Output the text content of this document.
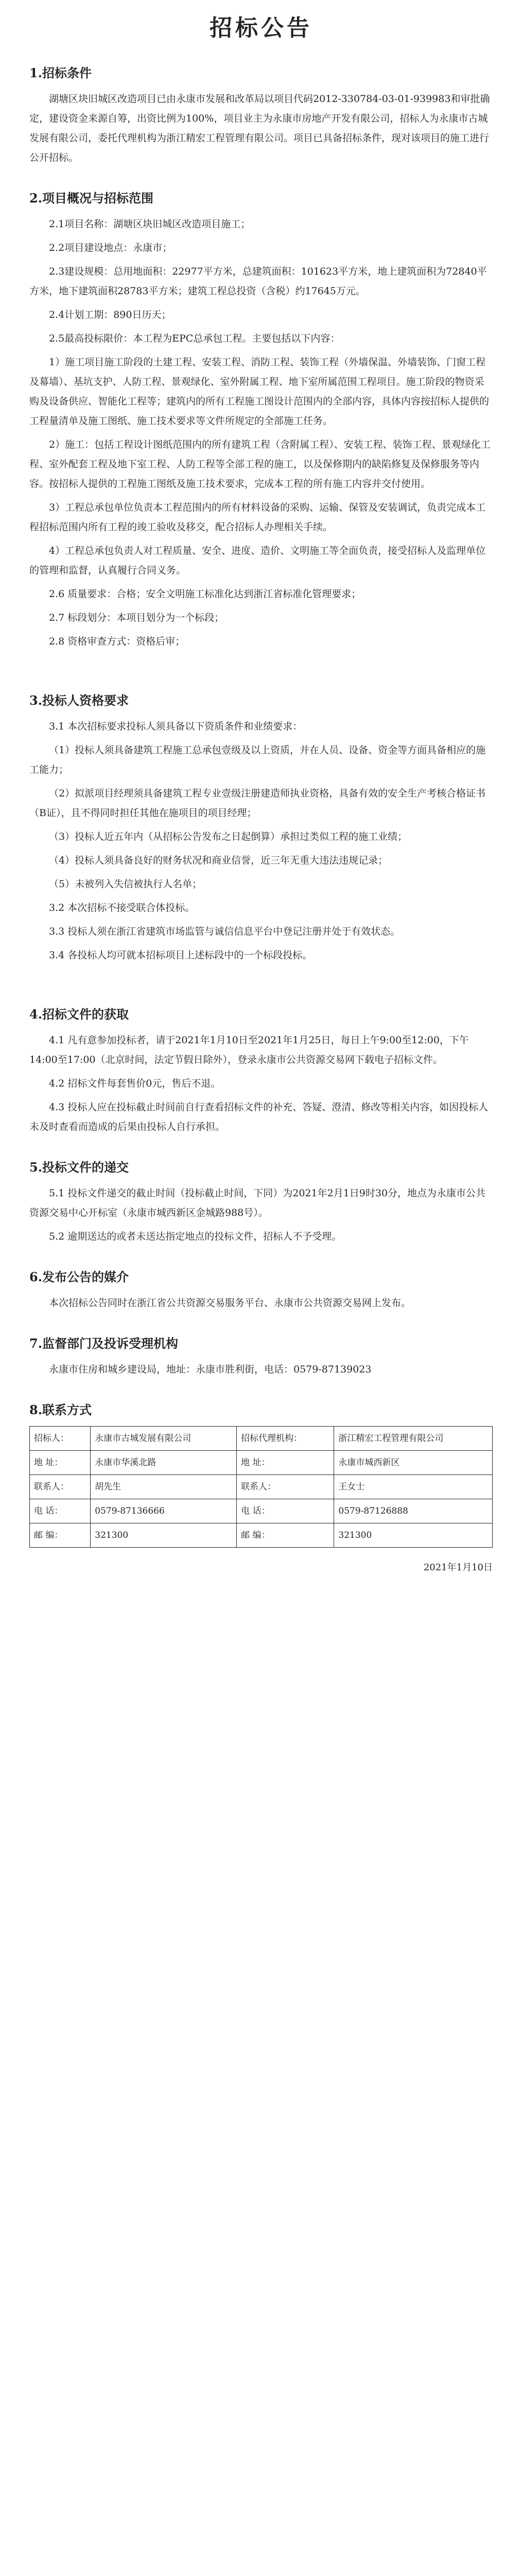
招标公告
1.招标条件

湖塘区块旧城区改造项目已由永康市发展和改革局以项目代码2012-330784-03-01-939983和审批确定，建设资金来源自筹，出资比例为100%，项目业主为永康市房地产开发有限公司，招标人为永康市古城发展有限公司，委托代理机构为浙江精宏工程管理有限公司。项目已具备招标条件，现对该项目的施工进行公开招标。

2.项目概况与招标范围

2.1项目名称：湖塘区块旧城区改造项目施工；

2.2项目建设地点：永康市；

2.3建设规模：总用地面积：22977平方米，总建筑面积：101623平方米，地上建筑面积为72840平方米，地下建筑面积28783平方米；建筑工程总投资（含税）约17645万元。

2.4计划工期：890日历天；

2.5最高投标限价：本工程为EPC总承包工程。主要包括以下内容：

1）施工项目施工阶段的土建工程、安装工程、消防工程、装饰工程（外墙保温、外墙装饰、门窗工程及幕墙）、基坑支护、人防工程、景观绿化、室外附属工程、地下室所属范围工程项目。施工阶段的物资采购及设备供应、智能化工程等；建筑内的所有工程施工图设计范围内的全部内容，具体内容按招标人提供的工程量清单及施工图纸、施工技术要求等文件所规定的全部施工任务。

2）施工：包括工程设计图纸范围内的所有建筑工程（含附属工程）、安装工程、装饰工程、景观绿化工程、室外配套工程及地下室工程、人防工程等全部工程的施工，以及保修期内的缺陷修复及保修服务等内容。按招标人提供的工程施工图纸及施工技术要求，完成本工程的所有施工内容并交付使用。

3）工程总承包单位负责本工程范围内的所有材料设备的采购、运输、保管及安装调试，负责完成本工程招标范围内所有工程的竣工验收及移交，配合招标人办理相关手续。

4）工程总承包负责人对工程质量、安全、进度、造价、文明施工等全面负责，接受招标人及监理单位的管理和监督，认真履行合同义务。

2.6 质量要求：合格；安全文明施工标准化达到浙江省标准化管理要求；

2.7 标段划分：本项目划分为一个标段；

2.8 资格审查方式：资格后审；

3.投标人资格要求

3.1 本次招标要求投标人须具备以下资质条件和业绩要求：

（1）投标人须具备建筑工程施工总承包壹级及以上资质，并在人员、设备、资金等方面具备相应的施工能力；

（2）拟派项目经理须具备建筑工程专业壹级注册建造师执业资格，具备有效的安全生产考核合格证书（B证），且不得同时担任其他在施项目的项目经理；

（3）投标人近五年内（从招标公告发布之日起倒算）承担过类似工程的施工业绩；

（4）投标人须具备良好的财务状况和商业信誉，近三年无重大违法违规记录；

（5）未被列入失信被执行人名单；

3.2 本次招标不接受联合体投标。

3.3 投标人须在浙江省建筑市场监管与诚信信息平台中登记注册并处于有效状态。

3.4 各投标人均可就本招标项目上述标段中的一个标段投标。

4.招标文件的获取

4.1 凡有意参加投标者，请于2021年1月10日至2021年1月25日，每日上午9:00至12:00，下午14:00至17:00（北京时间，法定节假日除外），登录永康市公共资源交易网下载电子招标文件。

4.2 招标文件每套售价0元，售后不退。

4.3 投标人应在投标截止时间前自行查看招标文件的补充、答疑、澄清、修改等相关内容，如因投标人未及时查看而造成的后果由投标人自行承担。

5.投标文件的递交

5.1 投标文件递交的截止时间（投标截止时间，下同）为2021年2月1日9时30分，地点为永康市公共资源交易中心开标室（永康市城西新区金城路988号）。

5.2 逾期送达的或者未送达指定地点的投标文件，招标人不予受理。

6.发布公告的媒介

本次招标公告同时在浙江省公共资源交易服务平台、永康市公共资源交易网上发布。

7.监督部门及投诉受理机构

永康市住房和城乡建设局，地址：永康市胜利街，电话：0579-87139023

8.联系方式
招标人：	永康市古城发展有限公司	招标代理机构：	浙江精宏工程管理有限公司
地 址：	永康市华溪北路	地 址：	永康市城西新区
联系人：	胡先生	联系人：	王女士
电 话：	0579-87136666	电 话：	0579-87126888
邮 编：	321300	邮 编：	321300
2021年1月10日
